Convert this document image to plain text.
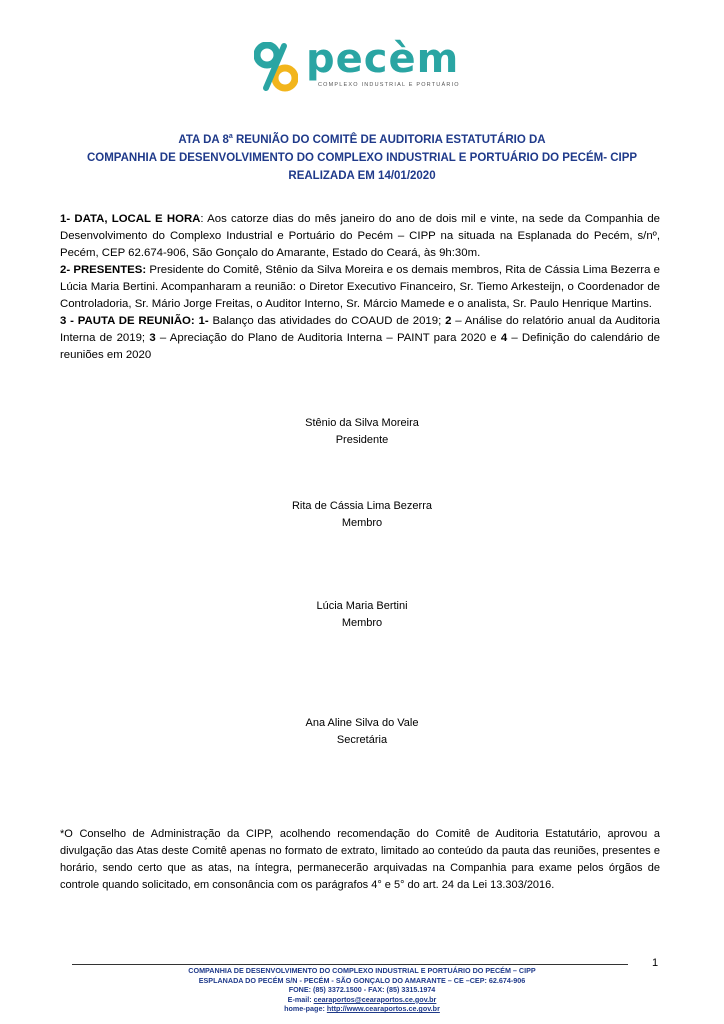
pecèm
COMPLEXO INDUSTRIAL E PORTUÁRIO
ATA DA 8$^a$ REUNIÃO DO COMITÊ DE AUDITORIA ESTATUTÁRIO DA
COMPANHIA DE DESENVOLVIMENTO DO COMPLEXO INDUSTRIAL E PORTUÁRIO DO PECÉM- CIPP
REALIZADA EM 14/01/2020

1- DATA, LOCAL E HORA: Aos catorze dias do mês janeiro do ano de dois mil e vinte, na sede da Companhia de Desenvolvimento do Complexo Industrial e Portuário do Pecém – CIPP na situada na Esplanada do Pecém, s/nº, Pecém, CEP 62.674-906, São Gonçalo do Amarante, Estado do Ceará, às 9h:30m.

2- PRESENTES: Presidente do Comitê, Stênio da Silva Moreira e os demais membros, Rita de Cássia Lima Bezerra e Lúcia Maria Bertini. Acompanharam a reunião: o Diretor Executivo Financeiro, Sr. Tiemo Arkesteijn, o Coordenador de Controladoria, Sr. Mário Jorge Freitas, o Auditor Interno, Sr. Márcio Mamede e o analista, Sr. Paulo Henrique Martins.

3 - PAUTA DE REUNIÃO: 1- Balanço das atividades do COAUD de 2019; 2 – Análise do relatório anual da Auditoria Interna de 2019; 3 – Apreciação do Plano de Auditoria Interna – PAINT para 2020 e 4 – Definição do calendário de reuniões em 2020

Stênio da Silva Moreira
Presidente
Rita de Cássia Lima Bezerra
Membro
Lúcia Maria Bertini
Membro
Ana Aline Silva do Vale
Secretária
*O Conselho de Administração da CIPP, acolhendo recomendação do Comitê de Auditoria Estatutário, aprovou a divulgação das Atas deste Comitê apenas no formato de extrato, limitado ao conteúdo da pauta das reuniões, presentes e horário, sendo certo que as atas, na íntegra, permanecerão arquivadas na Companhia para exame pelos órgãos de controle quando solicitado, em consonância com os parágrafos 4° e 5° do art. 24 da Lei 13.303/2016.
1
COMPANHIA DE DESENVOLVIMENTO DO COMPLEXO INDUSTRIAL E PORTUÁRIO DO PECÉM – CIPP
ESPLANADA DO PECÉM S/N - PECÉM - SÃO GONÇALO DO AMARANTE – CE –CEP: 62.674-906
FONE: (85) 3372.1500 - FAX: (85) 3315.1974
E-mail: cearaportos@cearaportos.ce.gov.br
home-page: http://www.cearaportos.ce.gov.br
